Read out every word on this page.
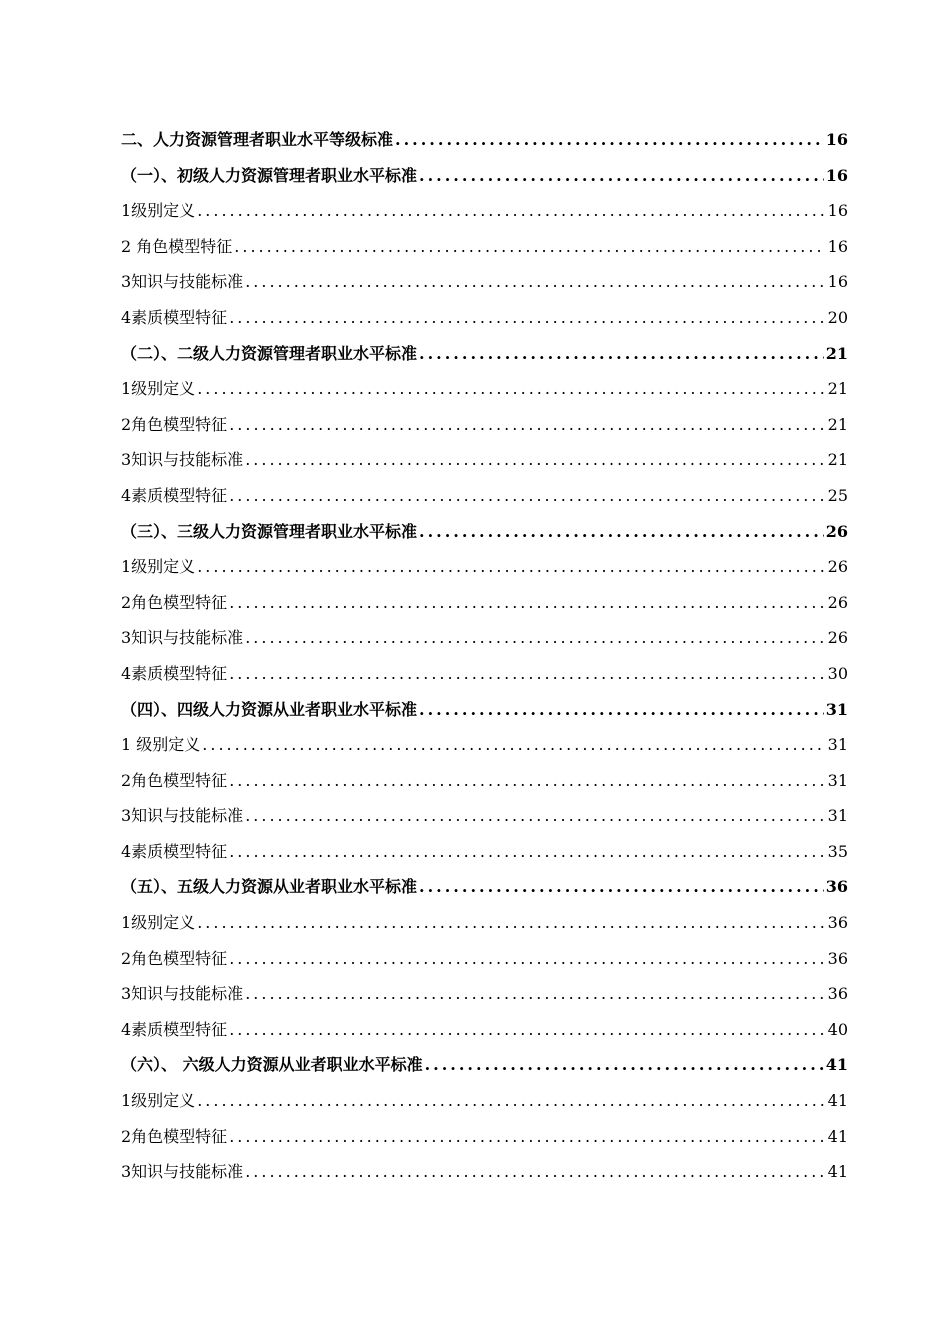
二、人力资源管理者职业水平等级标准 .....	16
（一）、初级人力资源管理者职业水平标准 .....	16
1级别定义 .....	16
2 角色模型特征 .....	16
3知识与技能标准 .....	16
4素质模型特征 .....	20
（二）、二级人力资源管理者职业水平标准 .....	21
1级别定义 .....	21
2角色模型特征 .....	21
3知识与技能标准 .....	21
4素质模型特征 .....	25
（三）、三级人力资源管理者职业水平标准 .....	26
1级别定义 .....	26
2角色模型特征 .....	26
3知识与技能标准 .....	26
4素质模型特征 .....	30
（四）、四级人力资源从业者职业水平标准 .....	31
1 级别定义 .....	31
2角色模型特征 .....	31
3知识与技能标准 .....	31
4素质模型特征 .....	35
（五）、五级人力资源从业者职业水平标准 .....	36
1级别定义 .....	36
2角色模型特征 .....	36
3知识与技能标准 .....	36
4素质模型特征 .....	40
（六）、 六级人力资源从业者职业水平标准 .....	41
1级别定义 .....	41
2角色模型特征 .....	41
3知识与技能标准 .....	41
